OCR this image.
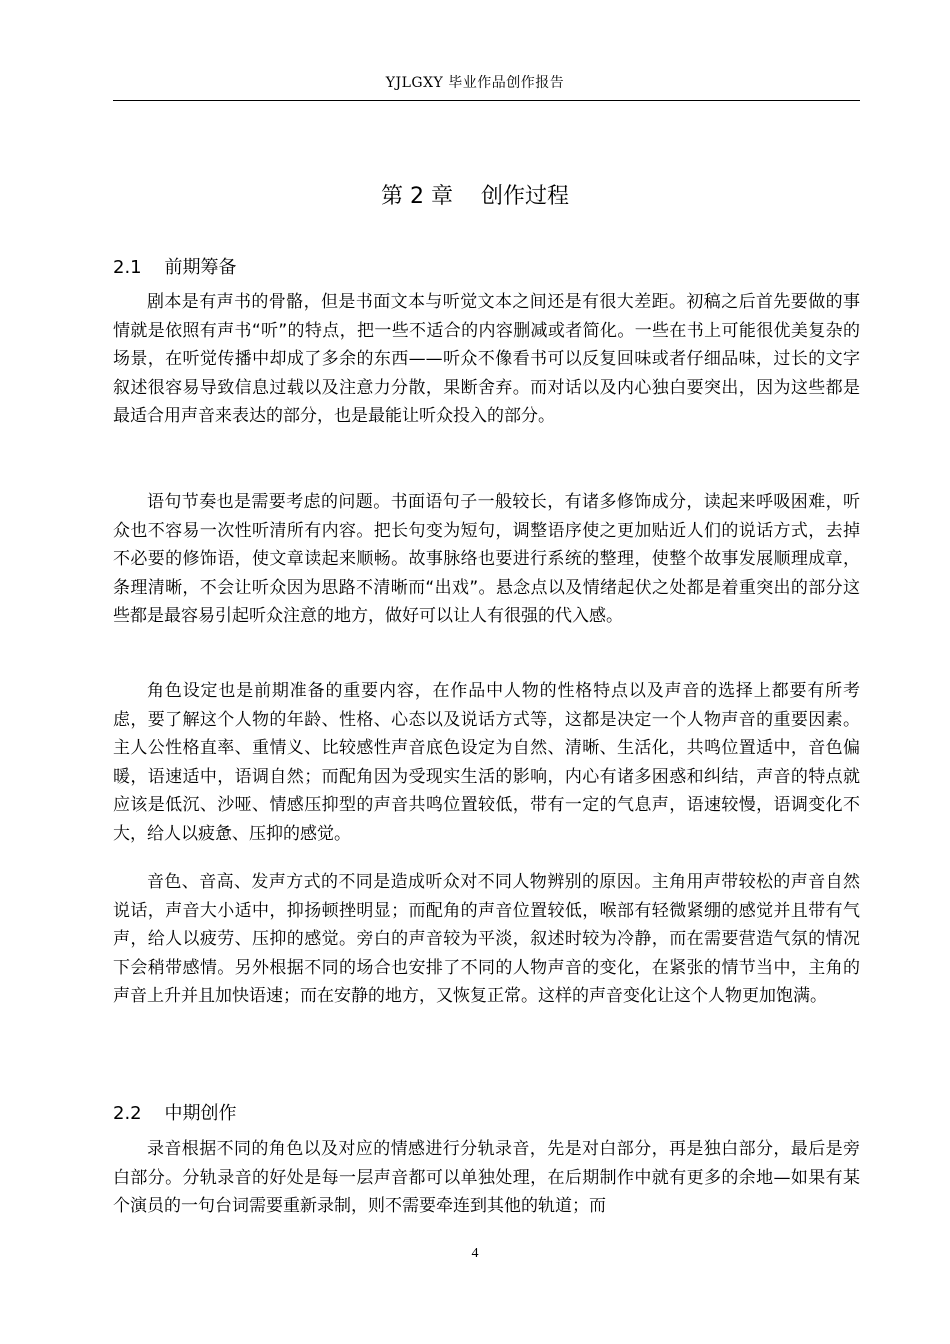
YJLGXY 毕业作品创作报告
第 2 章    创作过程
2.1    前期筹备

剧本是有声书的骨骼，但是书面文本与听觉文本之间还是有很大差距。初稿之后首先要做的事情就是依照有声书“听”的特点，把一些不适合的内容删减或者简化。一些在书上可能很优美复杂的场景，在听觉传播中却成了多余的东西——听众不像看书可以反复回味或者仔细品味，过长的文字叙述很容易导致信息过载以及注意力分散，果断舍弃。而对话以及内心独白要突出，因为这些都是最适合用声音来表达的部分，也是最能让听众投入的部分。

语句节奏也是需要考虑的问题。书面语句子一般较长，有诸多修饰成分，读起来呼吸困难，听众也不容易一次性听清所有内容。把长句变为短句，调整语序使之更加贴近人们的说话方式，去掉不必要的修饰语，使文章读起来顺畅。故事脉络也要进行系统的整理，使整个故事发展顺理成章，条理清晰，不会让听众因为思路不清晰而“出戏”。悬念点以及情绪起伏之处都是着重突出的部分这些都是最容易引起听众注意的地方，做好可以让人有很强的代入感。

角色设定也是前期准备的重要内容，在作品中人物的性格特点以及声音的选择上都要有所考虑，要了解这个人物的年龄、性格、心态以及说话方式等，这都是决定一个人物声音的重要因素。主人公性格直率、重情义、比较感性声音底色设定为自然、清晰、生活化，共鸣位置适中，音色偏暖，语速适中，语调自然；而配角因为受现实生活的影响，内心有诸多困惑和纠结，声音的特点就应该是低沉、沙哑、情感压抑型的声音共鸣位置较低，带有一定的气息声，语速较慢，语调变化不大，给人以疲惫、压抑的感觉。

音色、音高、发声方式的不同是造成听众对不同人物辨别的原因。主角用声带较松的声音自然说话，声音大小适中，抑扬顿挫明显；而配角的声音位置较低，喉部有轻微紧绷的感觉并且带有气声，给人以疲劳、压抑的感觉。旁白的声音较为平淡，叙述时较为冷静，而在需要营造气氛的情况下会稍带感情。另外根据不同的场合也安排了不同的人物声音的变化，在紧张的情节当中，主角的声音上升并且加快语速；而在安静的地方，又恢复正常。这样的声音变化让这个人物更加饱满。

2.2    中期创作

录音根据不同的角色以及对应的情感进行分轨录音，先是对白部分，再是独白部分，最后是旁白部分。分轨录音的好处是每一层声音都可以单独处理，在后期制作中就有更多的余地—如果有某个演员的一句台词需要重新录制，则不需要牵连到其他的轨道；而

4
